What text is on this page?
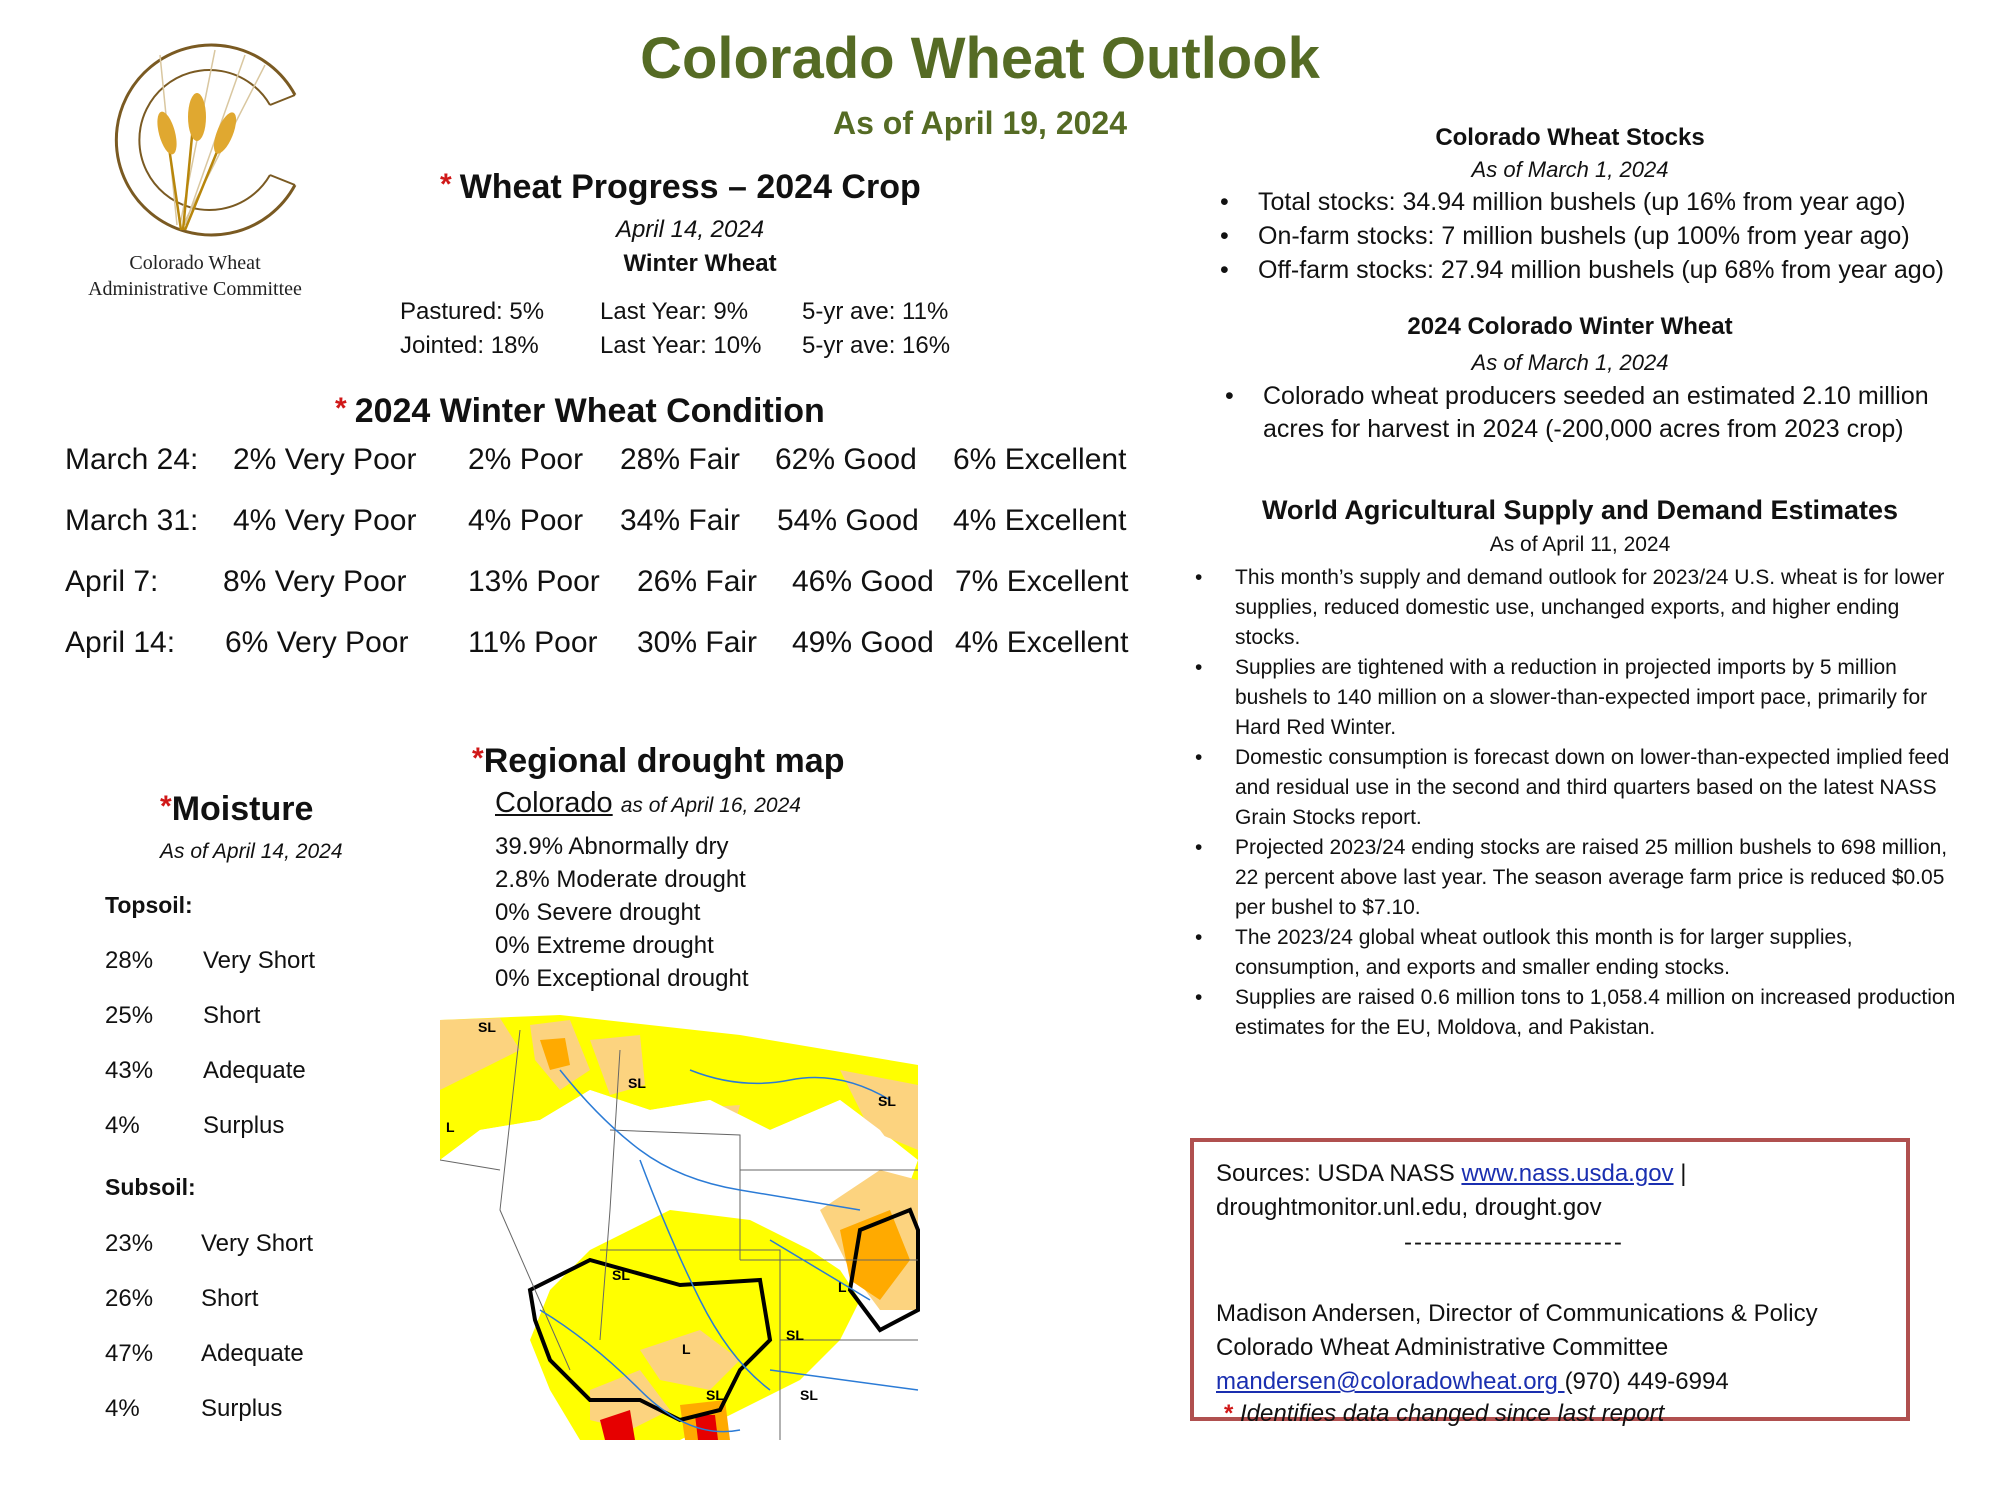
Colorado Wheat
Administrative Committee
Colorado Wheat Outlook
As of April 19, 2024
* Wheat Progress – 2024 Crop
April 14, 2024
Winter Wheat
Pastured: 5% Last Year: 9% 5-yr ave: 11%
Jointed: 18%	Last Year: 10% 5-yr ave: 16%
* 2024 Winter Wheat Condition
March 24: 2% Very Poor 2% Poor 28% Fair 62% Good 6% Excellent
March 31: 4% Very Poor 4% Poor 34% Fair 54% Good 4% Excellent
April 7: 8% Very Poor 13% Poor 26% Fair 46% Good 7% Excellent
April 14: 6% Very Poor 11% Poor 30% Fair 49% Good 4% Excellent
*Moisture
As of April 14, 2024
Topsoil:
28% Very Short
25% Short
43% Adequate
4%	Surplus
Subsoil:
23% Very Short
26% Short
47% Adequate
4%	Surplus
*Regional drought map
Colorado as of April 16, 2024
39.9% Abnormally dry
2.8% Moderate drought
0% Severe drought
0% Extreme drought
0% Exceptional drought
SL
SL
SL
L
SL
L
SL
L
SL	SL
Colorado Wheat Stocks
As of March 1, 2024
• Total stocks: 34.94 million bushels (up 16% from year ago)
• On-farm stocks: 7 million bushels (up 100% from year ago)
• Off-farm stocks: 27.94 million bushels (up 68% from year ago)
2024 Colorado Winter Wheat
As of March 1, 2024
• Colorado wheat producers seeded an estimated 2.10 million acres for harvest in 2024 (-200,000 acres from 2023 crop)
World Agricultural Supply and Demand Estimates
As of April 11, 2024
• This month’s supply and demand outlook for 2023/24 U.S. wheat is for lower supplies, reduced domestic use, unchanged exports, and higher ending stocks.
• Supplies are tightened with a reduction in projected imports by 5 million bushels to 140 million on a slower-than-expected import pace, primarily for Hard Red Winter.
• Domestic consumption is forecast down on lower-than-expected implied feed and residual use in the second and third quarters based on the latest NASS Grain Stocks report.
• Projected 2023/24 ending stocks are raised 25 million bushels to 698 million, 22 percent above last year. The season average farm price is reduced $0.05 per bushel to $7.10.
• The 2023/24 global wheat outlook this month is for larger supplies, consumption, and exports and smaller ending stocks.
• Supplies are raised 0.6 million tons to 1,058.4 million on increased production estimates for the EU, Moldova, and Pakistan.
Sources: USDA NASS www.nass.usda.gov |
droughtmonitor.unl.edu, drought.gov
----------------------
Madison Andersen, Director of Communications & Policy
Colorado Wheat Administrative Committee
mandersen@coloradowheat.org (970) 449-6994
* Identifies data changed since last report
